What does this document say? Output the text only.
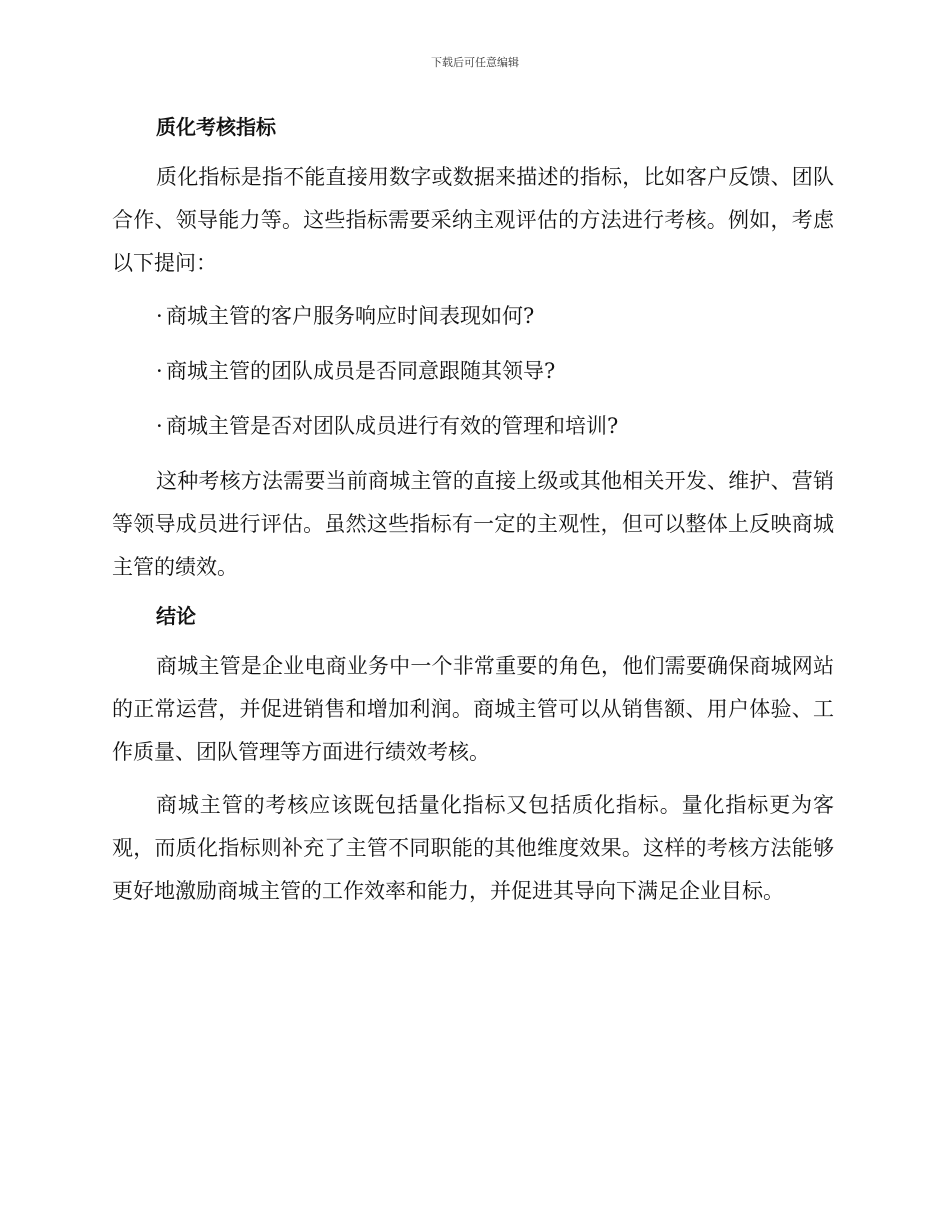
下载后可任意编辑
质化考核指标

质化指标是指不能直接用数字或数据来描述的指标，比如客户反馈、团队合作、领导能力等。这些指标需要采纳主观评估的方法进行考核。例如，考虑以下提问：

· 商城主管的客户服务响应时间表现如何?
· 商城主管的团队成员是否同意跟随其领导?
· 商城主管是否对团队成员进行有效的管理和培训?

这种考核方法需要当前商城主管的直接上级或其他相关开发、维护、营销等领导成员进行评估。虽然这些指标有一定的主观性，但可以整体上反映商城主管的绩效。

结论

商城主管是企业电商业务中一个非常重要的角色，他们需要确保商城网站的正常运营，并促进销售和增加利润。商城主管可以从销售额、用户体验、工作质量、团队管理等方面进行绩效考核。

商城主管的考核应该既包括量化指标又包括质化指标。量化指标更为客观，而质化指标则补充了主管不同职能的其他维度效果。这样的考核方法能够更好地激励商城主管的工作效率和能力，并促进其导向下满足企业目标。
